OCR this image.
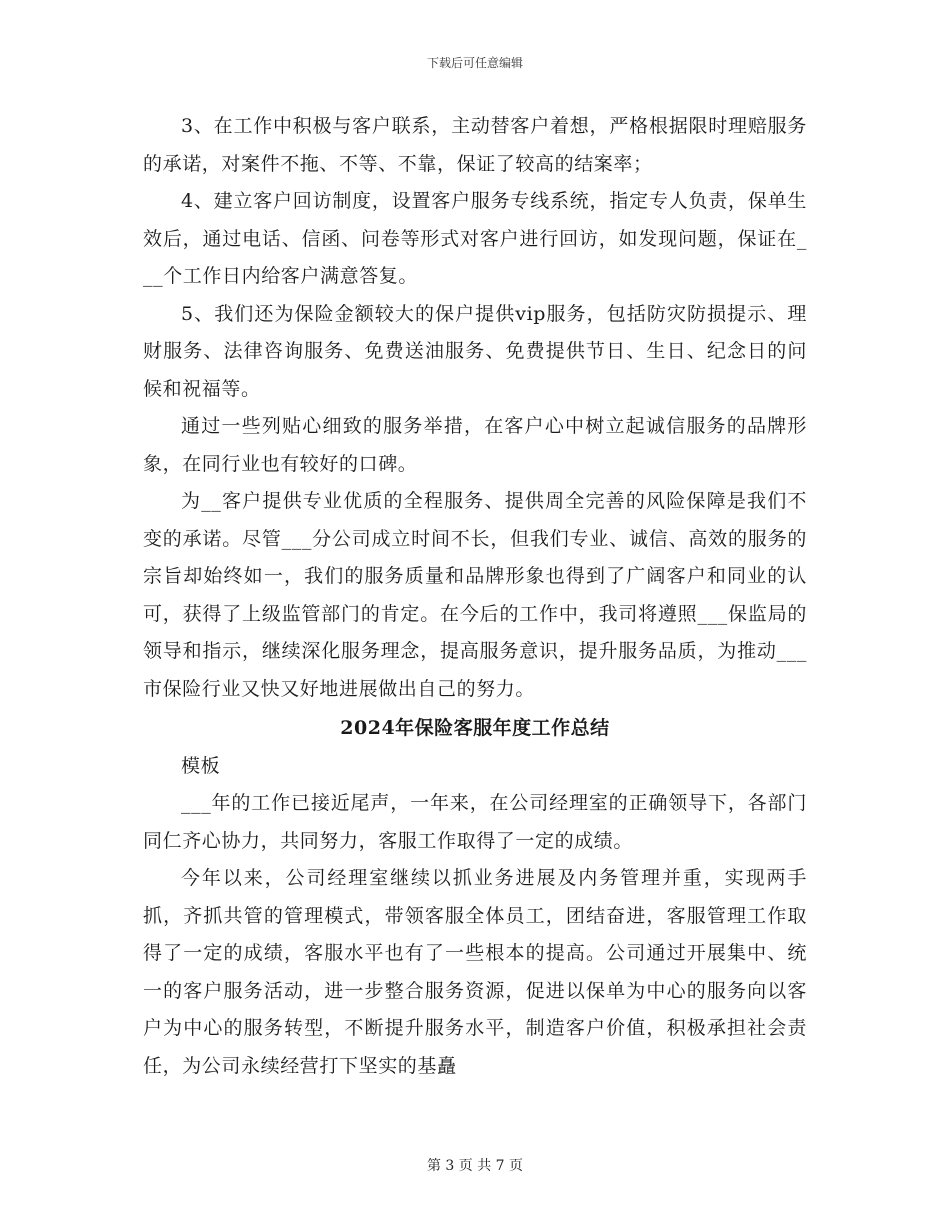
下载后可任意编辑

3、在工作中积极与客户联系，主动替客户着想，严格根据限时理赔服务的承诺，对案件不拖、不等、不靠，保证了较高的结案率；

4、建立客户回访制度，设置客户服务专线系统，指定专人负责，保单生效后，通过电话、信函、问卷等形式对客户进行回访，如发现问题，保证在___个工作日内给客户满意答复。

5、我们还为保险金额较大的保户提供vip服务，包括防灾防损提示、理财服务、法律咨询服务、免费送油服务、免费提供节日、生日、纪念日的问候和祝福等。

通过一些列贴心细致的服务举措，在客户心中树立起诚信服务的品牌形象，在同行业也有较好的口碑。

为__客户提供专业优质的全程服务、提供周全完善的风险保障是我们不变的承诺。尽管___分公司成立时间不长，但我们专业、诚信、高效的服务的宗旨却始终如一，我们的服务质量和品牌形象也得到了广阔客户和同业的认可，获得了上级监管部门的肯定。在今后的工作中，我司将遵照___保监局的领导和指示，继续深化服务理念，提高服务意识，提升服务品质，为推动___市保险行业又快又好地进展做出自己的努力。

2024年保险客服年度工作总结

模板

___年的工作已接近尾声，一年来，在公司经理室的正确领导下，各部门同仁齐心协力，共同努力，客服工作取得了一定的成绩。

今年以来，公司经理室继续以抓业务进展及内务管理并重，实现两手抓，齐抓共管的管理模式，带领客服全体员工，团结奋进，客服管理工作取得了一定的成绩，客服水平也有了一些根本的提高。公司通过开展集中、统一的客户服务活动，进一步整合服务资源，促进以保单为中心的服务向以客户为中心的服务转型，不断提升服务水平，制造客户价值，积极承担社会责任，为公司永续经营打下坚实的基矗

第 3 页 共 7 页
